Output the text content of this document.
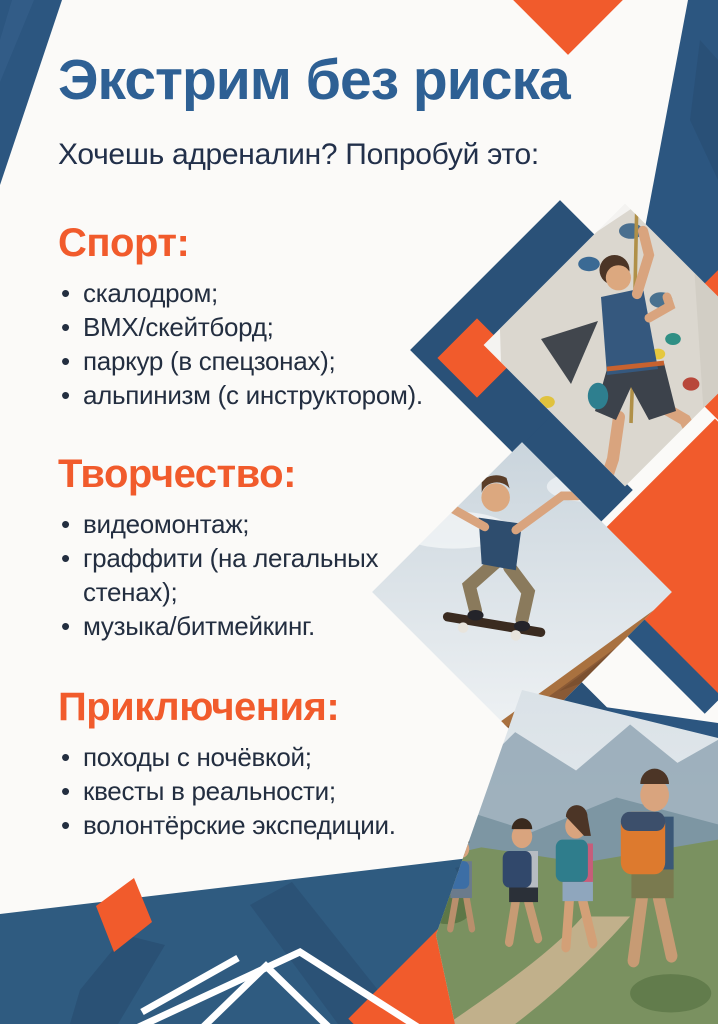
Экстрим без риска

Хочешь адреналин? Попробуй это:

Спорт:
• скалодром;
• BMX/скейтборд;
• паркур (в спецзонах);
• альпинизм (с инструктором).
Творчество:
• видеомонтаж;
• граффити (на легальных стенах);
• музыка/битмейкинг.
Приключения:
• походы с ночёвкой;
• квесты в реальности;
• волонтёрские экспедиции.
